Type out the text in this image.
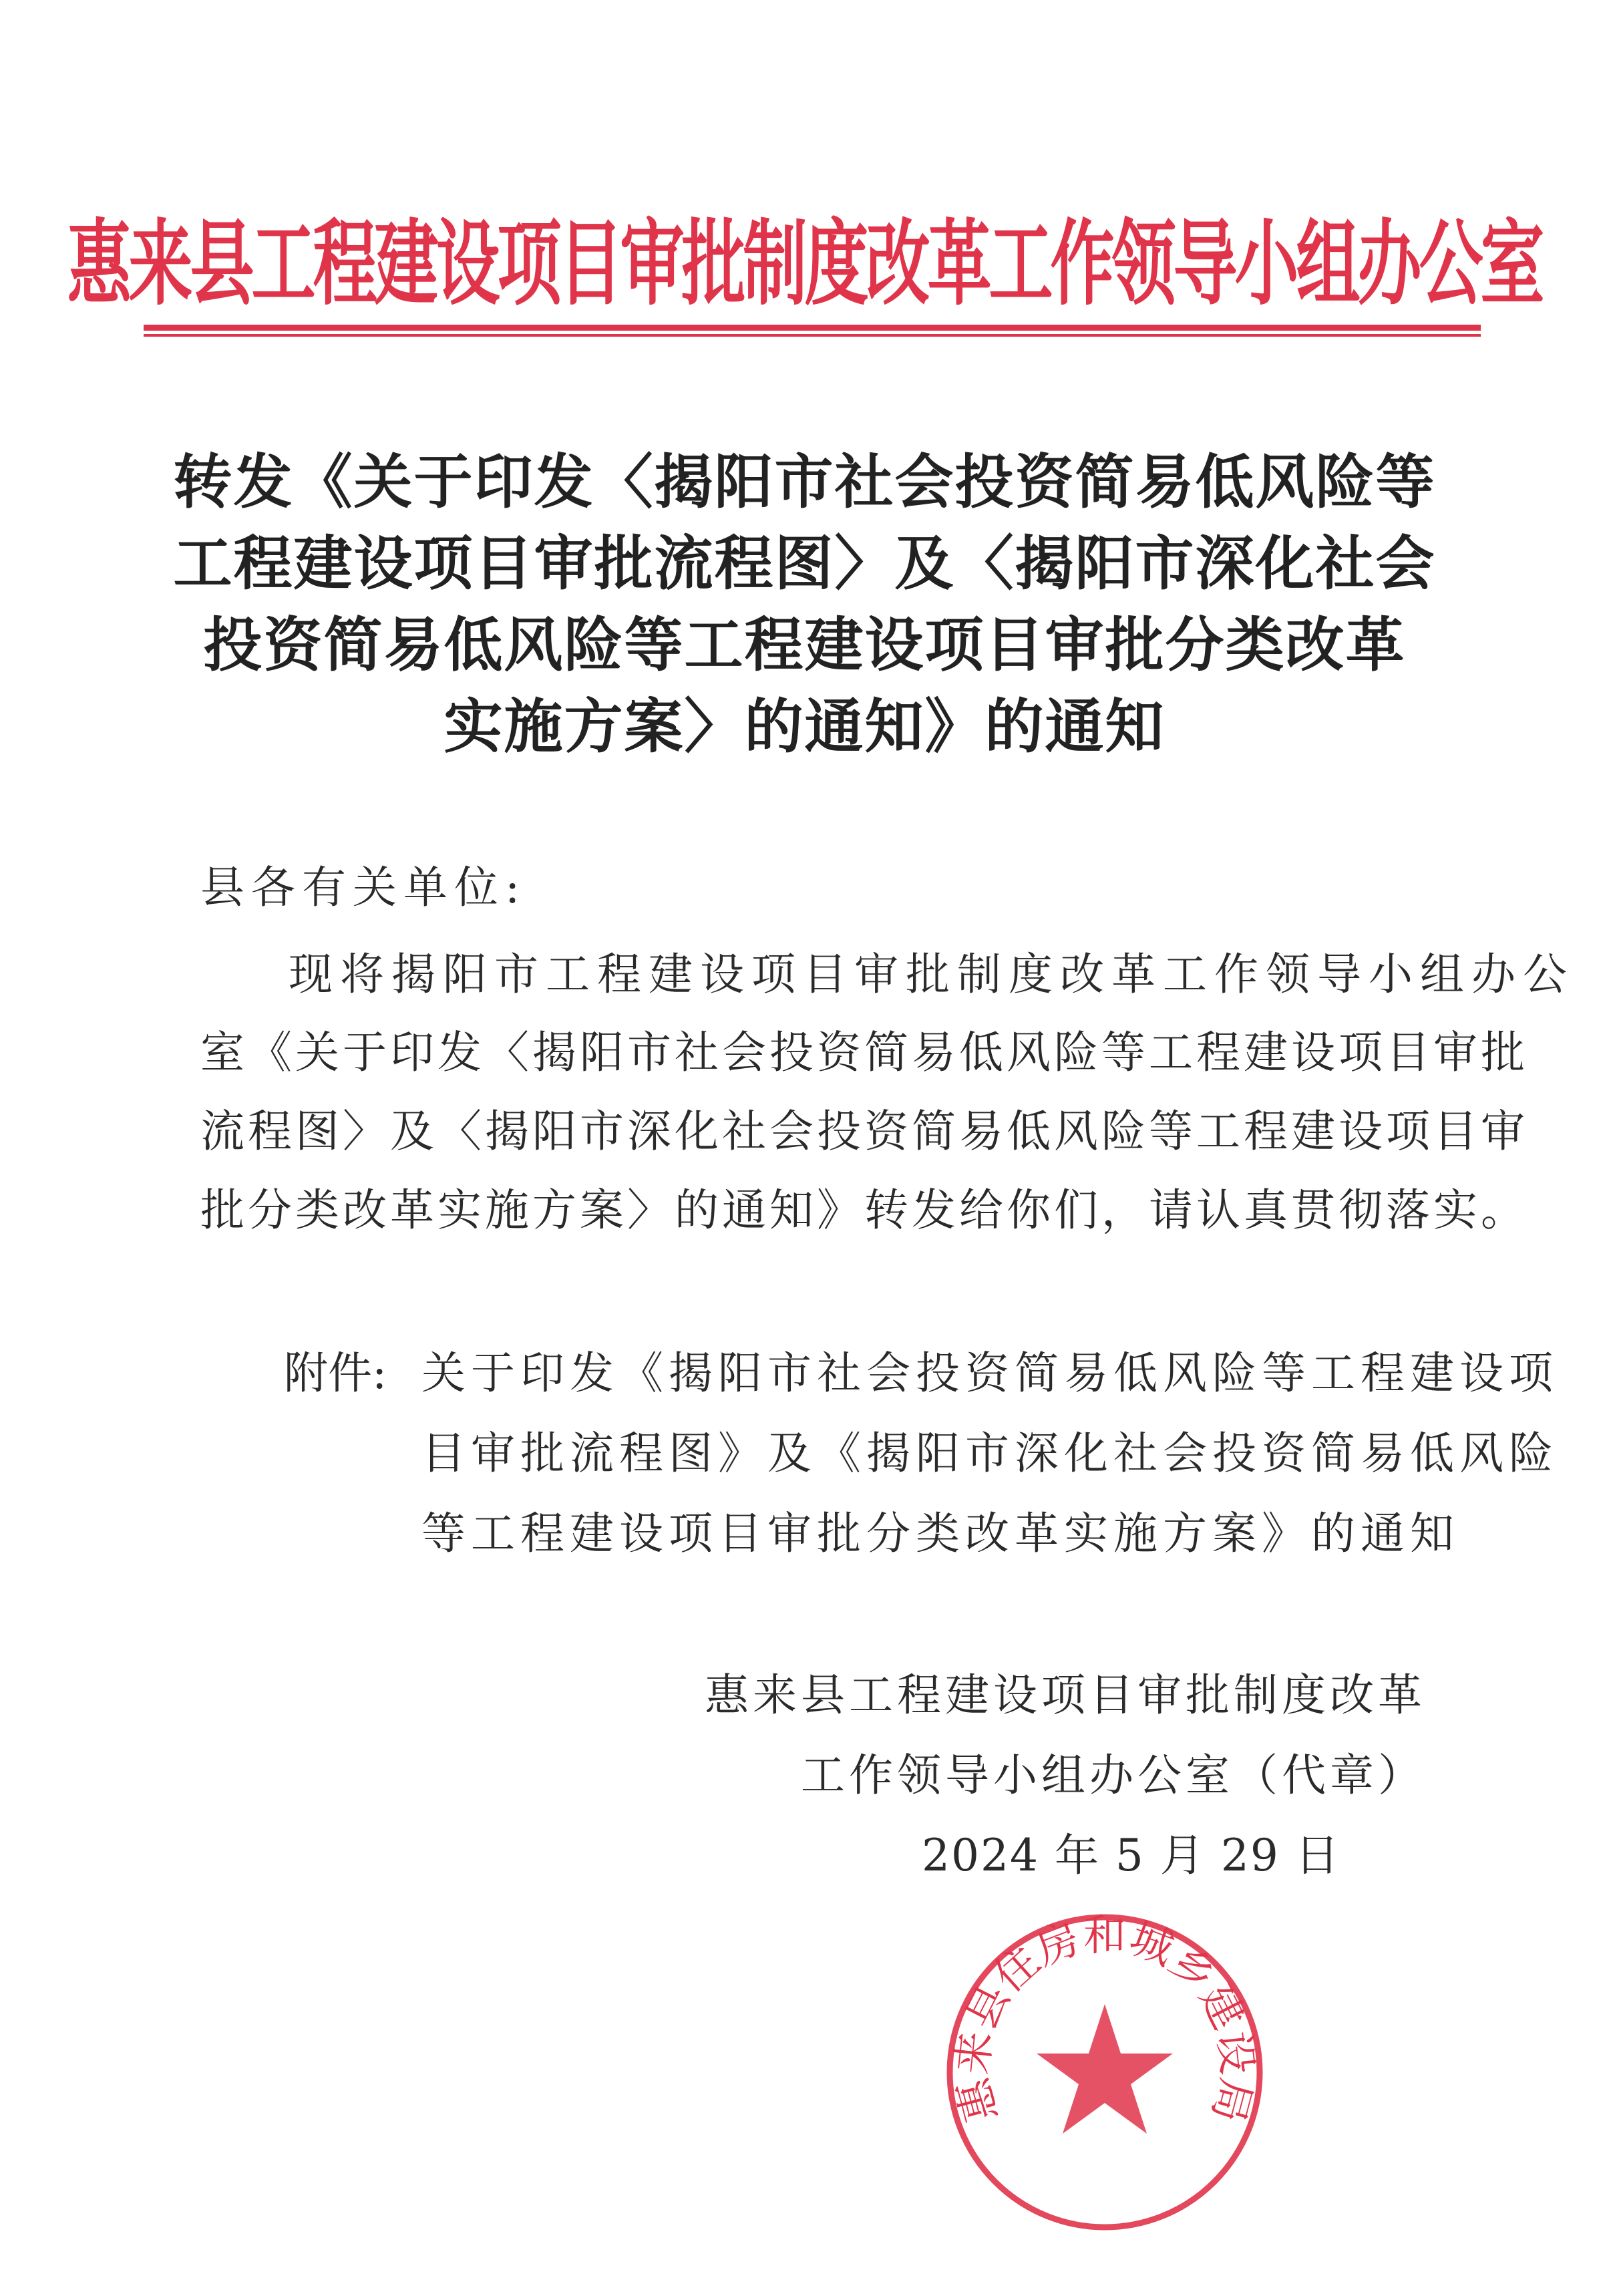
惠来县工程建设项目审批制度改革工作领导小组办公室
转发《关于印发〈揭阳市社会投资简易低风险等
工程建设项目审批流程图〉及〈揭阳市深化社会
投资简易低风险等工程建设项目审批分类改革
实施方案〉的通知》的通知
县各有关单位:
现将揭阳市工程建设项目审批制度改革工作领导小组办公
室《关于印发〈揭阳市社会投资简易低风险等工程建设项目审批
流程图〉及〈揭阳市深化社会投资简易低风险等工程建设项目审
批分类改革实施方案〉的通知》转发给你们，请认真贯彻落实。
附件: 关于印发《揭阳市社会投资简易低风险等工程建设项
目审批流程图》及《揭阳市深化社会投资简易低风险
等工程建设项目审批分类改革实施方案》的通知
惠来县工程建设项目审批制度改革
工作领导小组办公室（代章）
2024 年 5 月 29 日
惠来县住房和城乡建设局
